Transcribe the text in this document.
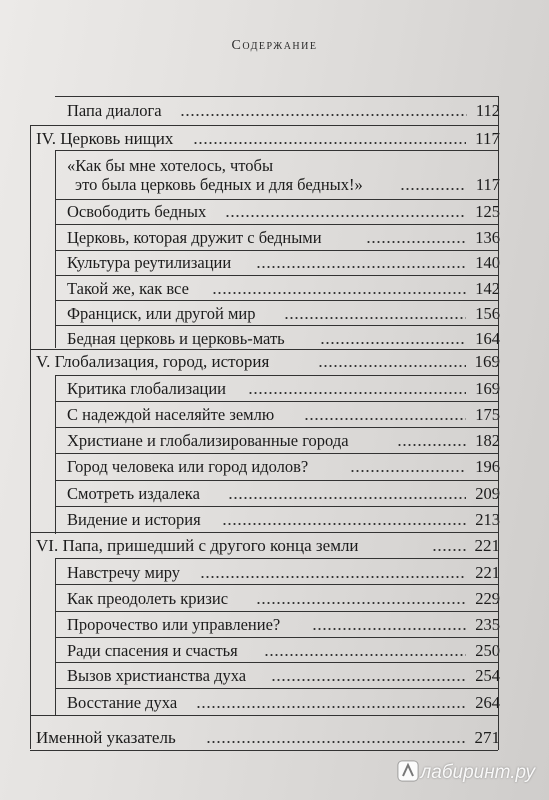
Содержание
Папа диалога	112
IV. Церковь нищих	117
«Как бы мне хотелось, чтобы
это была церковь бедных и для бедных!»	117
Освободить бедных	125
Церковь, которая дружит с бедными	136
Культура реутилизации	140
Такой же, как все	142
Франциск, или другой мир	156
Бедная церковь и церковь-мать	164
V. Глобализация, город, история	169
Критика глобализации	169
С надеждой населяйте землю	175
Христиане и глобализированные города	182
Город человека или город идолов?	196
Смотреть издалека	209
Видение и история	213
VI. Папа, пришедший с другого конца земли	221
Навстречу миру	221
Как преодолеть кризис	229
Пророчество или управление?	235
Ради спасения и счастья	250
Вызов христианства духа	254
Восстание духа	264
Именной указатель	271
лабиринт.ру
